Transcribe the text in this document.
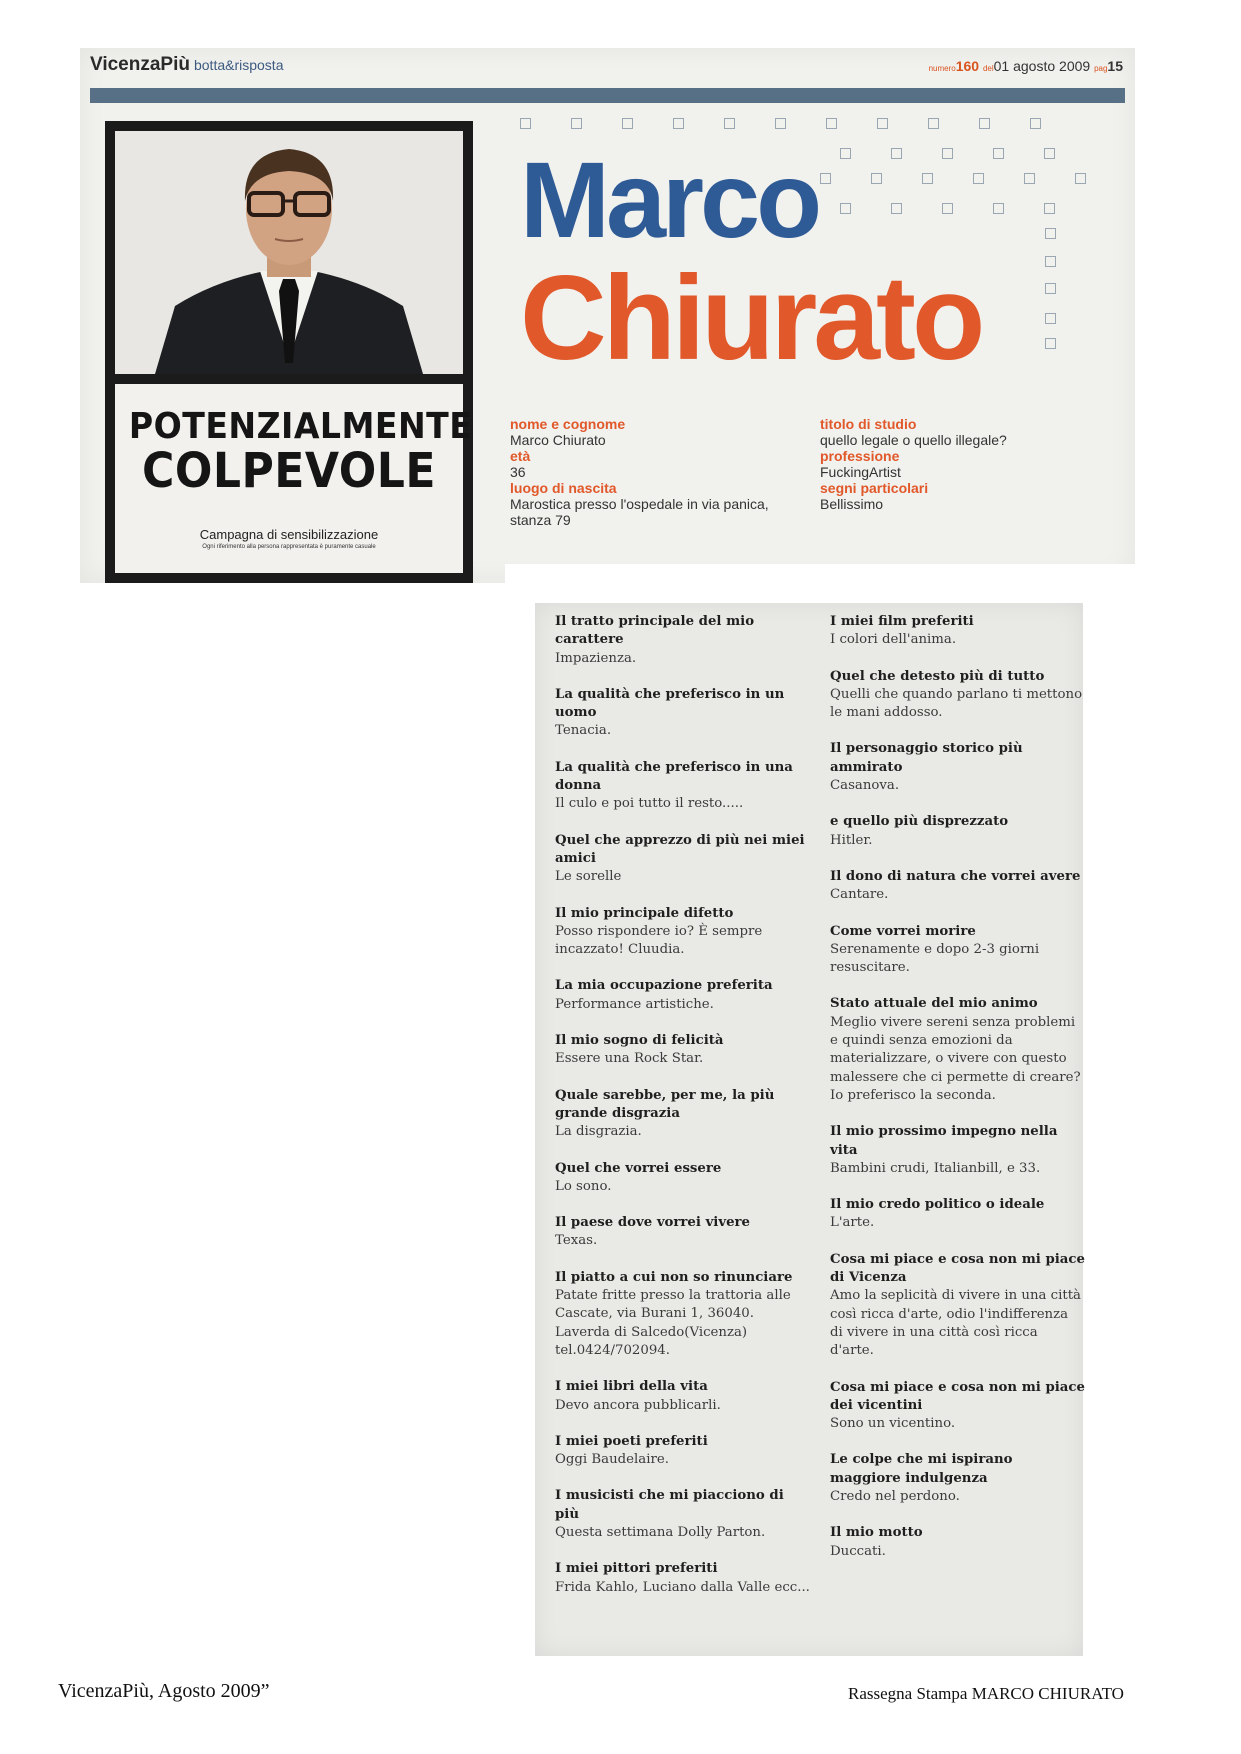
VicenzaPiù botta&risposta	numero160 del01 agosto 2009 pag15
POTENZIALMENTE
COLPEVOLE
Campagna di sensibilizzazione
Ogni riferimento alla persona rappresentata è puramente casuale
Marco
Chiurato
nome e cognome
Marco Chiurato
età
36
luogo di nascita
Marostica presso l'ospedale in via panica, stanza 79
titolo di studio
quello legale o quello illegale?
professione
FuckingArtist
segni particolari
Bellissimo
Il tratto principale del mio carattere
Impazienza.
La qualità che preferisco in un uomo
Tenacia.
La qualità che preferisco in una donna
Il culo e poi tutto il resto.....
Quel che apprezzo di più nei miei amici
Le sorelle
Il mio principale difetto
Posso rispondere io? È sempre incazzato! Cluudia.
La mia occupazione preferita
Performance artistiche.
Il mio sogno di felicità
Essere una Rock Star.
Quale sarebbe, per me, la più grande disgrazia
La disgrazia.
Quel che vorrei essere
Lo sono.
Il paese dove vorrei vivere
Texas.
Il piatto a cui non so rinunciare
Patate fritte presso la trattoria alle Cascate, via Burani 1, 36040. Laverda di Salcedo(Vicenza) tel.0424/702094.
I miei libri della vita
Devo ancora pubblicarli.
I miei poeti preferiti
Oggi Baudelaire.
I musicisti che mi piacciono di più
Questa settimana Dolly Parton.
I miei pittori preferiti
Frida Kahlo, Luciano dalla Valle ecc...
I miei film preferiti
I colori dell'anima.
Quel che detesto più di tutto
Quelli che quando parlano ti mettono le mani addosso.
Il personaggio storico più ammirato
Casanova.
e quello più disprezzato
Hitler.
Il dono di natura che vorrei avere
Cantare.
Come vorrei morire
Serenamente e dopo 2-3 giorni resuscitare.
Stato attuale del mio animo
Meglio vivere sereni senza problemi e quindi senza emozioni da materializzare, o vivere con questo malessere che ci permette di creare? Io preferisco la seconda.
Il mio prossimo impegno nella vita
Bambini crudi, Italianbill, e 33.
Il mio credo politico o ideale
L'arte.
Cosa mi piace e cosa non mi piace di Vicenza
Amo la seplicità di vivere in una città così ricca d'arte, odio l'indifferenza di vivere in una città così ricca d'arte.
Cosa mi piace e cosa non mi piace dei vicentini
Sono un vicentino.
Le colpe che mi ispirano maggiore indulgenza
Credo nel perdono.
Il mio motto
Duccati.
VicenzaPiù, Agosto 2009”	Rassegna Stampa MARCO CHIURATO
